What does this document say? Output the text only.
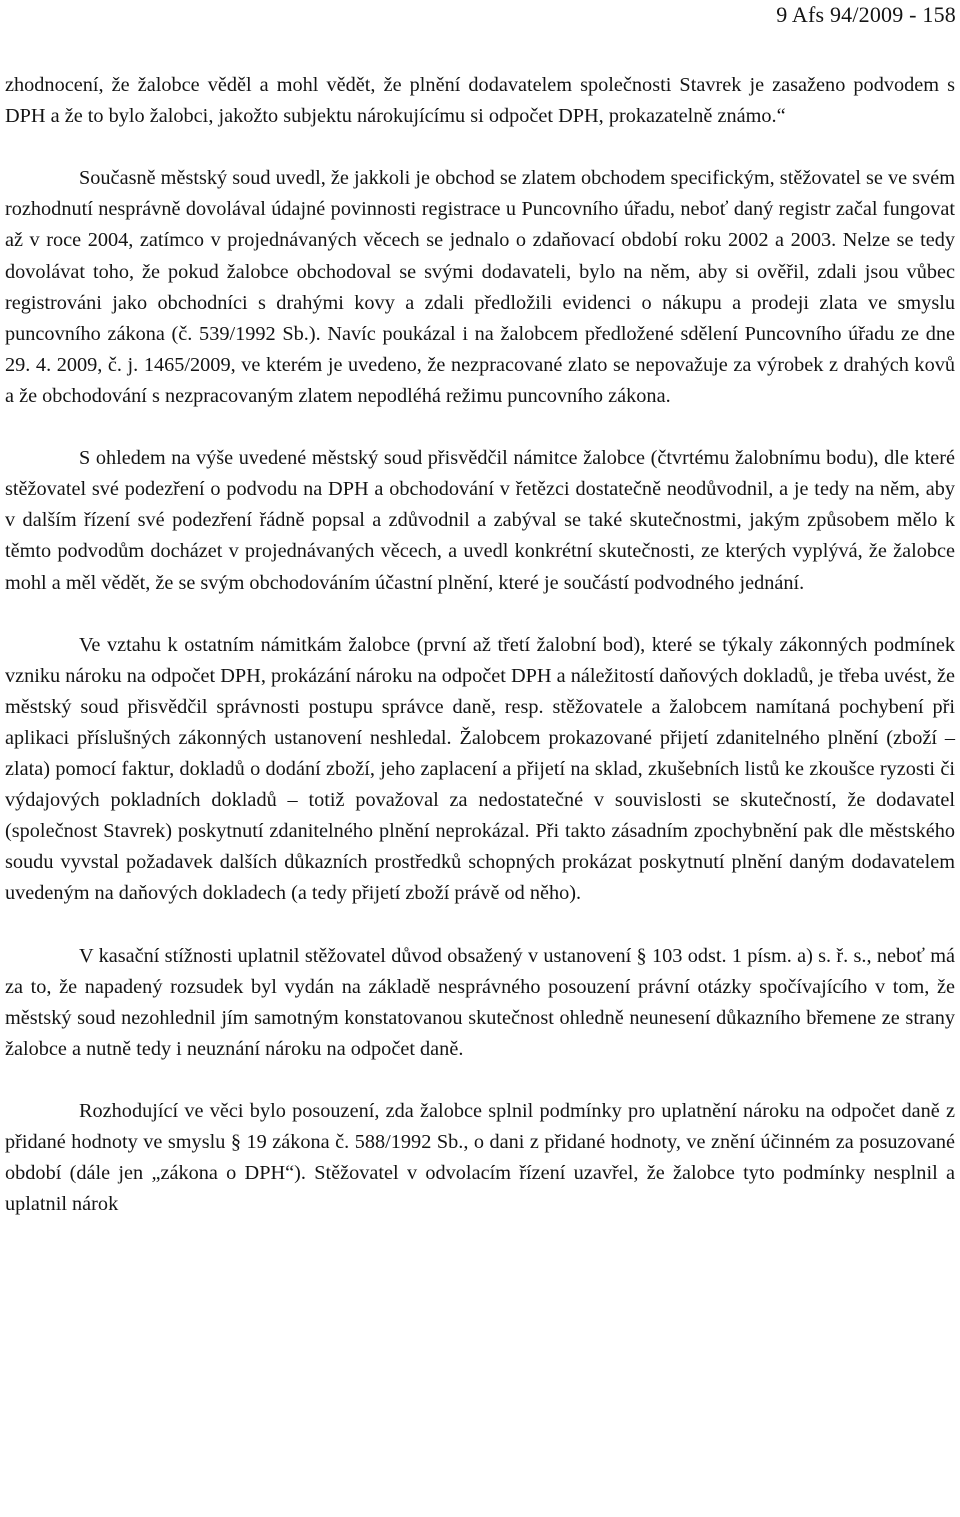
9 Afs 94/2009 - 158

zhodnocení, že žalobce věděl a mohl vědět, že plnění dodavatelem společnosti Stavrek je zasaženo podvodem s DPH a že to bylo žalobci, jakožto subjektu nárokujícímu si odpočet DPH, prokazatelně známo.“

Současně městský soud uvedl, že jakkoli je obchod se zlatem obchodem specifickým, stěžovatel se ve svém rozhodnutí nesprávně dovolával údajné povinnosti registrace u Puncovního úřadu, neboť daný registr začal fungovat až v roce 2004, zatímco v projednávaných věcech se jednalo o zdaňovací období roku 2002 a 2003. Nelze se tedy dovolávat toho, že pokud žalobce obchodoval se svými dodavateli, bylo na něm, aby si ověřil, zdali jsou vůbec registrováni jako obchodníci s drahými kovy a zdali předložili evidenci o nákupu a prodeji zlata ve smyslu puncovního zákona (č. 539/1992 Sb.). Navíc poukázal i na žalobcem předložené sdělení Puncovního úřadu ze dne 29. 4. 2009, č. j. 1465/2009, ve kterém je uvedeno, že nezpracované zlato se nepovažuje za výrobek z drahých kovů a že obchodování s nezpracovaným zlatem nepodléhá režimu puncovního zákona.

S ohledem na výše uvedené městský soud přisvědčil námitce žalobce (čtvrtému žalobnímu bodu), dle které stěžovatel své podezření o podvodu na DPH a obchodování v řetězci dostatečně neodůvodnil, a je tedy na něm, aby v dalším řízení své podezření řádně popsal a zdůvodnil a zabýval se také skutečnostmi, jakým způsobem mělo k těmto podvodům docházet v projednávaných věcech, a uvedl konkrétní skutečnosti, ze kterých vyplývá, že žalobce mohl a měl vědět, že se svým obchodováním účastní plnění, které je součástí podvodného jednání.

Ve vztahu k ostatním námitkám žalobce (první až třetí žalobní bod), které se týkaly zákonných podmínek vzniku nároku na odpočet DPH, prokázání nároku na odpočet DPH a náležitostí daňových dokladů, je třeba uvést, že městský soud přisvědčil správnosti postupu správce daně, resp. stěžovatele a žalobcem namítaná pochybení při aplikaci příslušných zákonných ustanovení neshledal. Žalobcem prokazované přijetí zdanitelného plnění (zboží – zlata) pomocí faktur, dokladů o dodání zboží, jeho zaplacení a přijetí na sklad, zkušebních listů ke zkoušce ryzosti či výdajových pokladních dokladů – totiž považoval za nedostatečné v souvislosti se skutečností, že dodavatel (společnost Stavrek) poskytnutí zdanitelného plnění neprokázal. Při takto zásadním zpochybnění pak dle městského soudu vyvstal požadavek dalších důkazních prostředků schopných prokázat poskytnutí plnění daným dodavatelem uvedeným na daňových dokladech (a tedy přijetí zboží právě od něho).

V kasační stížnosti uplatnil stěžovatel důvod obsažený v ustanovení § 103 odst. 1 písm. a) s. ř. s., neboť má za to, že napadený rozsudek byl vydán na základě nesprávného posouzení právní otázky spočívajícího v tom, že městský soud nezohlednil jím samotným konstatovanou skutečnost ohledně neunesení důkazního břemene ze strany žalobce a nutně tedy i neuznání nároku na odpočet daně.

Rozhodující ve věci bylo posouzení, zda žalobce splnil podmínky pro uplatnění nároku na odpočet daně z přidané hodnoty ve smyslu § 19 zákona č. 588/1992 Sb., o dani z přidané hodnoty, ve znění účinném za posuzované období (dále jen „zákona o DPH“). Stěžovatel v odvolacím řízení uzavřel, že žalobce tyto podmínky nesplnil a uplatnil nárok
